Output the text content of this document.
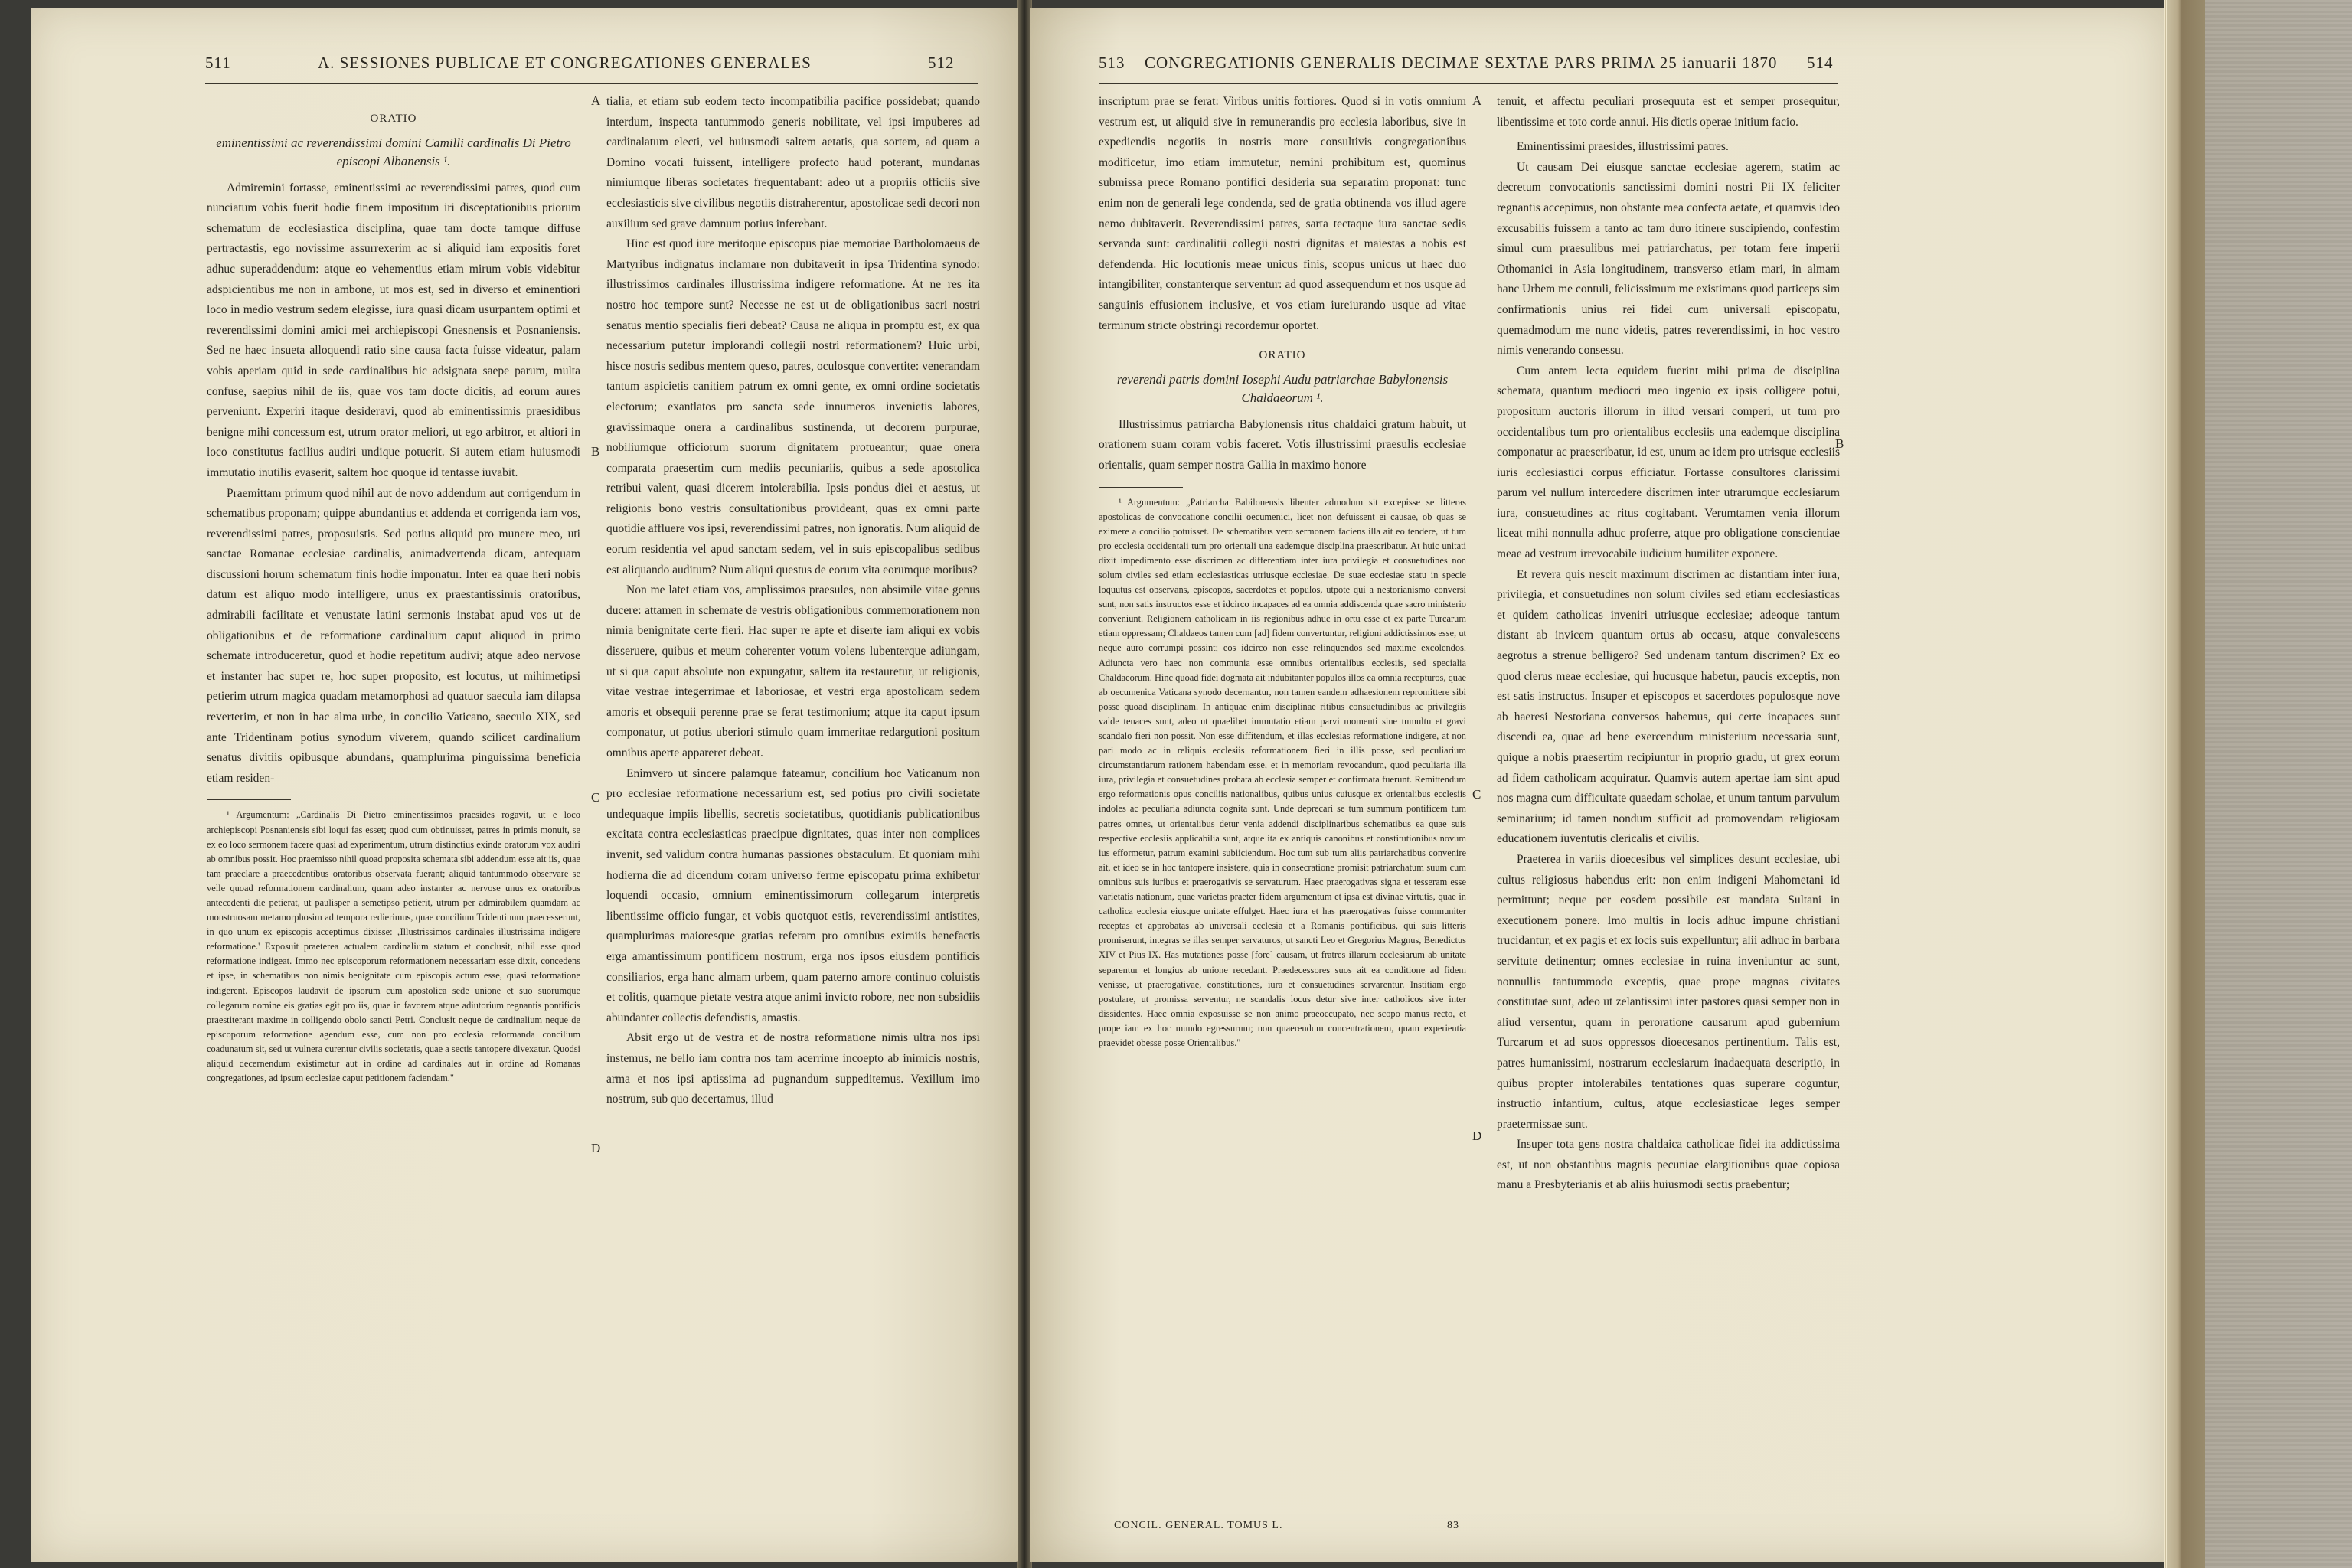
511	A. SESSIONES PUBLICAE ET CONGREGATIONES GENERALES	512
ORATIO
eminentissimi ac reverendissimi domini Camilli cardinalis Di Pietro episcopi Albanensis ¹.

Admiremini fortasse, eminentissimi ac reverendissimi patres, quod cum nunciatum vobis fuerit hodie finem impositum iri disceptationibus priorum schematum de ecclesiastica disciplina, quae tam docte tamque diffuse pertractastis, ego novissime assurrexerim ac si aliquid iam expositis foret adhuc superaddendum: atque eo vehementius etiam mirum vobis videbitur adspicientibus me non in ambone, ut mos est, sed in diverso et eminentiori loco in medio vestrum sedem elegisse, iura quasi dicam usurpantem optimi et reverendissimi domini amici mei archiepiscopi Gnesnensis et Posnaniensis. Sed ne haec insueta alloquendi ratio sine causa facta fuisse videatur, palam vobis aperiam quid in sede cardinalibus hic adsignata saepe parum, multa confuse, saepius nihil de iis, quae vos tam docte dicitis, ad eorum aures perveniunt. Experiri itaque desideravi, quod ab eminentissimis praesidibus benigne mihi concessum est, utrum orator meliori, ut ego arbitror, et altiori in loco constitutus facilius audiri undique potuerit. Si autem etiam huiusmodi immutatio inutilis evaserit, saltem hoc quoque id tentasse iuvabit.

Praemittam primum quod nihil aut de novo addendum aut corrigendum in schematibus proponam; quippe abundantius et addenda et corrigenda iam vos, reverendissimi patres, proposuistis. Sed potius aliquid pro munere meo, uti sanctae Romanae ecclesiae cardinalis, animadvertenda dicam, antequam discussioni horum schematum finis hodie imponatur. Inter ea quae heri nobis datum est aliquo modo intelligere, unus ex praestantissimis oratoribus, admirabili facilitate et venustate latini sermonis instabat apud vos ut de obligationibus et de reformatione cardinalium caput aliquod in primo schemate introduceretur, quod et hodie repetitum audivi; atque adeo nervose et instanter hac super re, hoc super proposito, est locutus, ut mihimetipsi petierim utrum magica quadam metamorphosi ad quatuor saecula iam dilapsa reverterim, et non in hac alma urbe, in concilio Vaticano, saeculo XIX, sed ante Tridentinam potius synodum viverem, quando scilicet cardinalium senatus divitiis opibusque abundans, quamplurima pinguissima beneficia etiam residen-

¹ Argumentum: „Cardinalis Di Pietro eminentissimos praesides rogavit, ut e loco archiepiscopi Posnaniensis sibi loqui fas esset; quod cum obtinuisset, patres in primis monuit, se ex eo loco sermonem facere quasi ad experimentum, utrum distinctius exinde oratorum vox audiri ab omnibus possit. Hoc praemisso nihil quoad proposita schemata sibi addendum esse ait iis, quae tam praeclare a praecedentibus oratoribus observata fuerant; aliquid tantummodo observare se velle quoad reformationem cardinalium, quam adeo instanter ac nervose unus ex oratoribus antecedenti die petierat, ut paulisper a semetipso petierit, utrum per admirabilem quamdam ac monstruosam metamorphosim ad tempora redierimus, quae concilium Tridentinum praecesserunt, in quo unum ex episcopis acceptimus dixisse: ‚Illustrissimos cardinales illustrissima indigere reformatione.' Exposuit praeterea actualem cardinalium statum et conclusit, nihil esse quod reformatione indigeat. Immo nec episcoporum reformationem necessariam esse dixit, concedens et ipse, in schematibus non nimis benignitate cum episcopis actum esse, quasi reformatione indigerent. Episcopos laudavit de ipsorum cum apostolica sede unione et suo suorumque collegarum nomine eis gratias egit pro iis, quae in favorem atque adiutorium regnantis pontificis praestiterant maxime in colligendo obolo sancti Petri. Conclusit neque de cardinalium neque de episcoporum reformatione agendum esse, cum non pro ecclesia reformanda concilium coadunatum sit, sed ut vulnera curentur civilis societatis, quae a sectis tantopere divexatur. Quodsi aliquid decernendum existimetur aut in ordine ad cardinales aut in ordine ad Romanas congregationes, ad ipsum ecclesiae caput petitionem faciendam."

tialia, et etiam sub eodem tecto incompatibilia pacifice possidebat; quando interdum, inspecta tantummodo generis nobilitate, vel ipsi impuberes ad cardinalatum electi, vel huiusmodi saltem aetatis, qua sortem, ad quam a Domino vocati fuissent, intelligere profecto haud poterant, mundanas nimiumque liberas societates frequentabant: adeo ut a propriis officiis sive ecclesiasticis sive civilibus negotiis distraherentur, apostolicae sedi decori non auxilium sed grave damnum potius inferebant.

Hinc est quod iure meritoque episcopus piae memoriae Bartholomaeus de Martyribus indignatus inclamare non dubitaverit in ipsa Tridentina synodo: illustrissimos cardinales illustrissima indigere reformatione. At ne res ita nostro hoc tempore sunt? Necesse ne est ut de obligationibus sacri nostri senatus mentio specialis fieri debeat? Causa ne aliqua in promptu est, ex qua necessarium putetur implorandi collegii nostri reformationem? Huic urbi, hisce nostris sedibus mentem queso, patres, oculosque convertite: venerandam tantum aspicietis canitiem patrum ex omni gente, ex omni ordine societatis electorum; exantlatos pro sancta sede innumeros invenietis labores, gravissimaque onera a cardinalibus sustinenda, ut decorem purpurae, nobiliumque officiorum suorum dignitatem protueantur; quae onera comparata praesertim cum mediis pecuniariis, quibus a sede apostolica retribui valent, quasi dicerem intolerabilia. Ipsis pondus diei et aestus, ut religionis bono vestris consultationibus provideant, quas ex omni parte quotidie affluere vos ipsi, reverendissimi patres, non ignoratis. Num aliquid de eorum residentia vel apud sanctam sedem, vel in suis episcopalibus sedibus est aliquando auditum? Num aliqui questus de eorum vita eorumque moribus?

Non me latet etiam vos, amplissimos praesules, non absimile vitae genus ducere: attamen in schemate de vestris obligationibus commemorationem non nimia benignitate certe fieri. Hac super re apte et diserte iam aliqui ex vobis disseruere, quibus et meum coherenter votum volens lubenterque adiungam, ut si qua caput absolute non expungatur, saltem ita restauretur, ut religionis, vitae vestrae integerrimae et laboriosae, et vestri erga apostolicam sedem amoris et obsequii perenne prae se ferat testimonium; atque ita caput ipsum componatur, ut potius uberiori stimulo quam immeritae redargutioni positum omnibus aperte appareret debeat.

Enimvero ut sincere palamque fateamur, concilium hoc Vaticanum non pro ecclesiae reformatione necessarium est, sed potius pro civili societate undequaque impiis libellis, secretis societatibus, quotidianis publicationibus excitata contra ecclesiasticas praecipue dignitates, quas inter non complices invenit, sed validum contra humanas passiones obstaculum. Et quoniam mihi hodierna die ad dicendum coram universo ferme episcopatu prima exhibetur loquendi occasio, omnium eminentissimorum collegarum interpretis libentissime officio fungar, et vobis quotquot estis, reverendissimi antistites, quamplurimas maioresque gratias referam pro omnibus eximiis benefactis erga amantissimum pontificem nostrum, erga nos ipsos eiusdem pontificis consiliarios, erga hanc almam urbem, quam paterno amore continuo coluistis et colitis, quamque pietate vestra atque animi invicto robore, nec non subsidiis abundanter collectis defendistis, amastis.

Absit ergo ut de vestra et de nostra reformatione nimis ultra nos ipsi instemus, ne bello iam contra nos tam acerrime incoepto ab inimicis nostris, arma et nos ipsi aptissima ad pugnandum suppeditemus. Vexillum imo nostrum, sub quo decertamus, illud

A
B
C
D
513 CONGREGATIONIS GENERALIS DECIMAE SEXTAE PARS PRIMA 25 ianuarii 1870 514

inscriptum prae se ferat: Viribus unitis fortiores. Quod si in votis omnium vestrum est, ut aliquid sive in remunerandis pro ecclesia laboribus, sive in expediendis negotiis in nostris more consultivis congregationibus modificetur, imo etiam immutetur, nemini prohibitum est, quominus submissa prece Romano pontifici desideria sua separatim proponat: tunc enim non de generali lege condenda, sed de gratia obtinenda vos illud agere nemo dubitaverit. Reverendissimi patres, sarta tectaque iura sanctae sedis servanda sunt: cardinalitii collegii nostri dignitas et maiestas a nobis est defendenda. Hic locutionis meae unicus finis, scopus unicus ut haec duo intangibiliter, constanterque serventur: ad quod assequendum et nos usque ad sanguinis effusionem inclusive, et vos etiam iureiurando usque ad vitae terminum stricte obstringi recordemur oportet.

ORATIO
reverendi patris domini Iosephi Audu patriarchae Babylonensis Chaldaeorum ¹.

Illustrissimus patriarcha Babylonensis ritus chaldaici gratum habuit, ut orationem suam coram vobis faceret. Votis illustrissimi praesulis ecclesiae orientalis, quam semper nostra Gallia in maximo honore

¹ Argumentum: „Patriarcha Babilonensis libenter admodum sit excepisse se litteras apostolicas de convocatione concilii oecumenici, licet non defuissent ei causae, ob quas se eximere a concilio potuisset. De schematibus vero sermonem faciens illa ait eo tendere, ut tum pro ecclesia occidentali tum pro orientali una eademque disciplina praescribatur. At huic unitati dixit impedimento esse discrimen ac differentiam inter iura privilegia et consuetudines non solum civiles sed etiam ecclesiasticas utriusque ecclesiae. De suae ecclesiae statu in specie loquutus est observans, episcopos, sacerdotes et populos, utpote qui a nestorianismo conversi sunt, non satis instructos esse et idcirco incapaces ad ea omnia addiscenda quae sacro ministerio conveniunt. Religionem catholicam in iis regionibus adhuc in ortu esse et ex parte Turcarum etiam oppressam; Chaldaeos tamen cum [ad] fidem convertuntur, religioni addictissimos esse, ut neque auro corrumpi possint; eos idcirco non esse relinquendos sed maxime excolendos. Adiuncta vero haec non communia esse omnibus orientalibus ecclesiis, sed specialia Chaldaeorum. Hinc quoad fidei dogmata ait indubitanter populos illos ea omnia recepturos, quae ab oecumenica Vaticana synodo decernantur, non tamen eandem adhaesionem repromittere sibi posse quoad disciplinam. In antiquae enim disciplinae ritibus consuetudinibus ac privilegiis valde tenaces sunt, adeo ut quaelibet immutatio etiam parvi momenti sine tumultu et gravi scandalo fieri non possit. Non esse diffitendum, et illas ecclesias reformatione indigere, at non pari modo ac in reliquis ecclesiis reformationem fieri in illis posse, sed peculiarium circumstantiarum rationem habendam esse, et in memoriam revocandum, quod peculiaria illa iura, privilegia et consuetudines probata ab ecclesia semper et confirmata fuerunt. Remittendum ergo reformationis opus conciliis nationalibus, quibus unius cuiusque ex orientalibus ecclesiis indoles ac peculiaria adiuncta cognita sunt. Unde deprecari se tum summum pontificem tum patres omnes, ut orientalibus detur venia addendi disciplinaribus schematibus ea quae suis respective ecclesiis applicabilia sunt, atque ita ex antiquis canonibus et constitutionibus novum ius efformetur, patrum examini subiiciendum. Hoc tum sub tum aliis patriarchatibus convenire ait, et ideo se in hoc tantopere insistere, quia in consecratione promisit patriarchatum suum cum omnibus suis iuribus et praerogativis se servaturum. Haec praerogativas signa et tesseram esse varietatis nationum, quae varietas praeter fidem argumentum et ipsa est divinae virtutis, quae in catholica ecclesia eiusque unitate effulget. Haec iura et has praerogativas fuisse communiter receptas et approbatas ab universali ecclesia et a Romanis pontificibus, qui suis litteris promiserunt, integras se illas semper servaturos, ut sancti Leo et Gregorius Magnus, Benedictus XIV et Pius IX. Has mutationes posse [fore] causam, ut fratres illarum ecclesiarum ab unitate separentur et longius ab unione recedant. Praedecessores suos ait ea conditione ad fidem venisse, ut praerogativae, constitutiones, iura et consuetudines servarentur. Institiam ergo postulare, ut promissa serventur, ne scandalis locus detur sive inter catholicos sive inter dissidentes. Haec omnia exposuisse se non animo praeoccupato, nec scopo manus recto, et prope iam ex hoc mundo egressurum; non quaerendum concentrationem, quam experientia praevidet obesse posse Orientalibus."

tenuit, et affectu peculiari prosequuta est et semper prosequitur, libentissime et toto corde annui. His dictis operae initium facio.

Eminentissimi praesides, illustrissimi patres.

Ut causam Dei eiusque sanctae ecclesiae agerem, statim ac decretum convocationis sanctissimi domini nostri Pii IX feliciter regnantis accepimus, non obstante mea confecta aetate, et quamvis ideo excusabilis fuissem a tanto ac tam duro itinere suscipiendo, confestim simul cum praesulibus mei patriarchatus, per totam fere imperii Othomanici in Asia longitudinem, transverso etiam mari, in almam hanc Urbem me contuli, felicissimum me existimans quod particeps sim confirmationis unius rei fidei cum universali episcopatu, quemadmodum me nunc videtis, patres reverendissimi, in hoc vestro nimis venerando consessu.

Cum antem lecta equidem fuerint mihi prima de disciplina schemata, quantum mediocri meo ingenio ex ipsis colligere potui, propositum auctoris illorum in illud versari comperi, ut tum pro occidentalibus tum pro orientalibus ecclesiis una eademque disciplina componatur ac praescribatur, id est, unum ac idem pro utrisque ecclesiis iuris ecclesiastici corpus efficiatur. Fortasse consultores clarissimi parum vel nullum intercedere discrimen inter utrarumque ecclesiarum iura, consuetudines ac ritus cogitabant. Verumtamen venia illorum liceat mihi nonnulla adhuc proferre, atque pro obligatione conscientiae meae ad vestrum irrevocabile iudicium humiliter exponere.

Et revera quis nescit maximum discrimen ac distantiam inter iura, privilegia, et consuetudines non solum civiles sed etiam ecclesiasticas et quidem catholicas inveniri utriusque ecclesiae; adeoque tantum distant ab invicem quantum ortus ab occasu, atque convalescens aegrotus a strenue belligero? Sed undenam tantum discrimen? Ex eo quod clerus meae ecclesiae, qui hucusque habetur, paucis exceptis, non est satis instructus. Insuper et episcopos et sacerdotes populosque nove ab haeresi Nestoriana conversos habemus, qui certe incapaces sunt discendi ea, quae ad bene exercendum ministerium necessaria sunt, quique a nobis praesertim recipiuntur in proprio gradu, ut grex eorum ad fidem catholicam acquiratur. Quamvis autem apertae iam sint apud nos magna cum difficultate quaedam scholae, et unum tantum parvulum seminarium; id tamen nondum sufficit ad promovendam religiosam educationem iuventutis clericalis et civilis.

Praeterea in variis dioecesibus vel simplices desunt ecclesiae, ubi cultus religiosus habendus erit: non enim indigeni Mahometani id permittunt; neque per eosdem possibile est mandata Sultani in executionem ponere. Imo multis in locis adhuc impune christiani trucidantur, et ex pagis et ex locis suis expelluntur; alii adhuc in barbara servitute detinentur; omnes ecclesiae in ruina inveniuntur ac sunt, nonnullis tantummodo exceptis, quae prope magnas civitates constitutae sunt, adeo ut zelantissimi inter pastores quasi semper non in aliud versentur, quam in peroratione causarum apud gubernium Turcarum et ad suos oppressos dioecesanos pertinentium. Talis est, patres humanissimi, nostrarum ecclesiarum inadaequata descriptio, in quibus propter intolerabiles tentationes quas superare coguntur, instructio infantium, cultus, atque ecclesiasticae leges semper praetermissae sunt.

Insuper tota gens nostra chaldaica catholicae fidei ita addictissima est, ut non obstantibus magnis pecuniae elargitionibus quae copiosa manu a Presbyterianis et ab aliis huiusmodi sectis praebentur;

A
B
C
D
CONCIL. GENERAL. TOMUS L.	83
